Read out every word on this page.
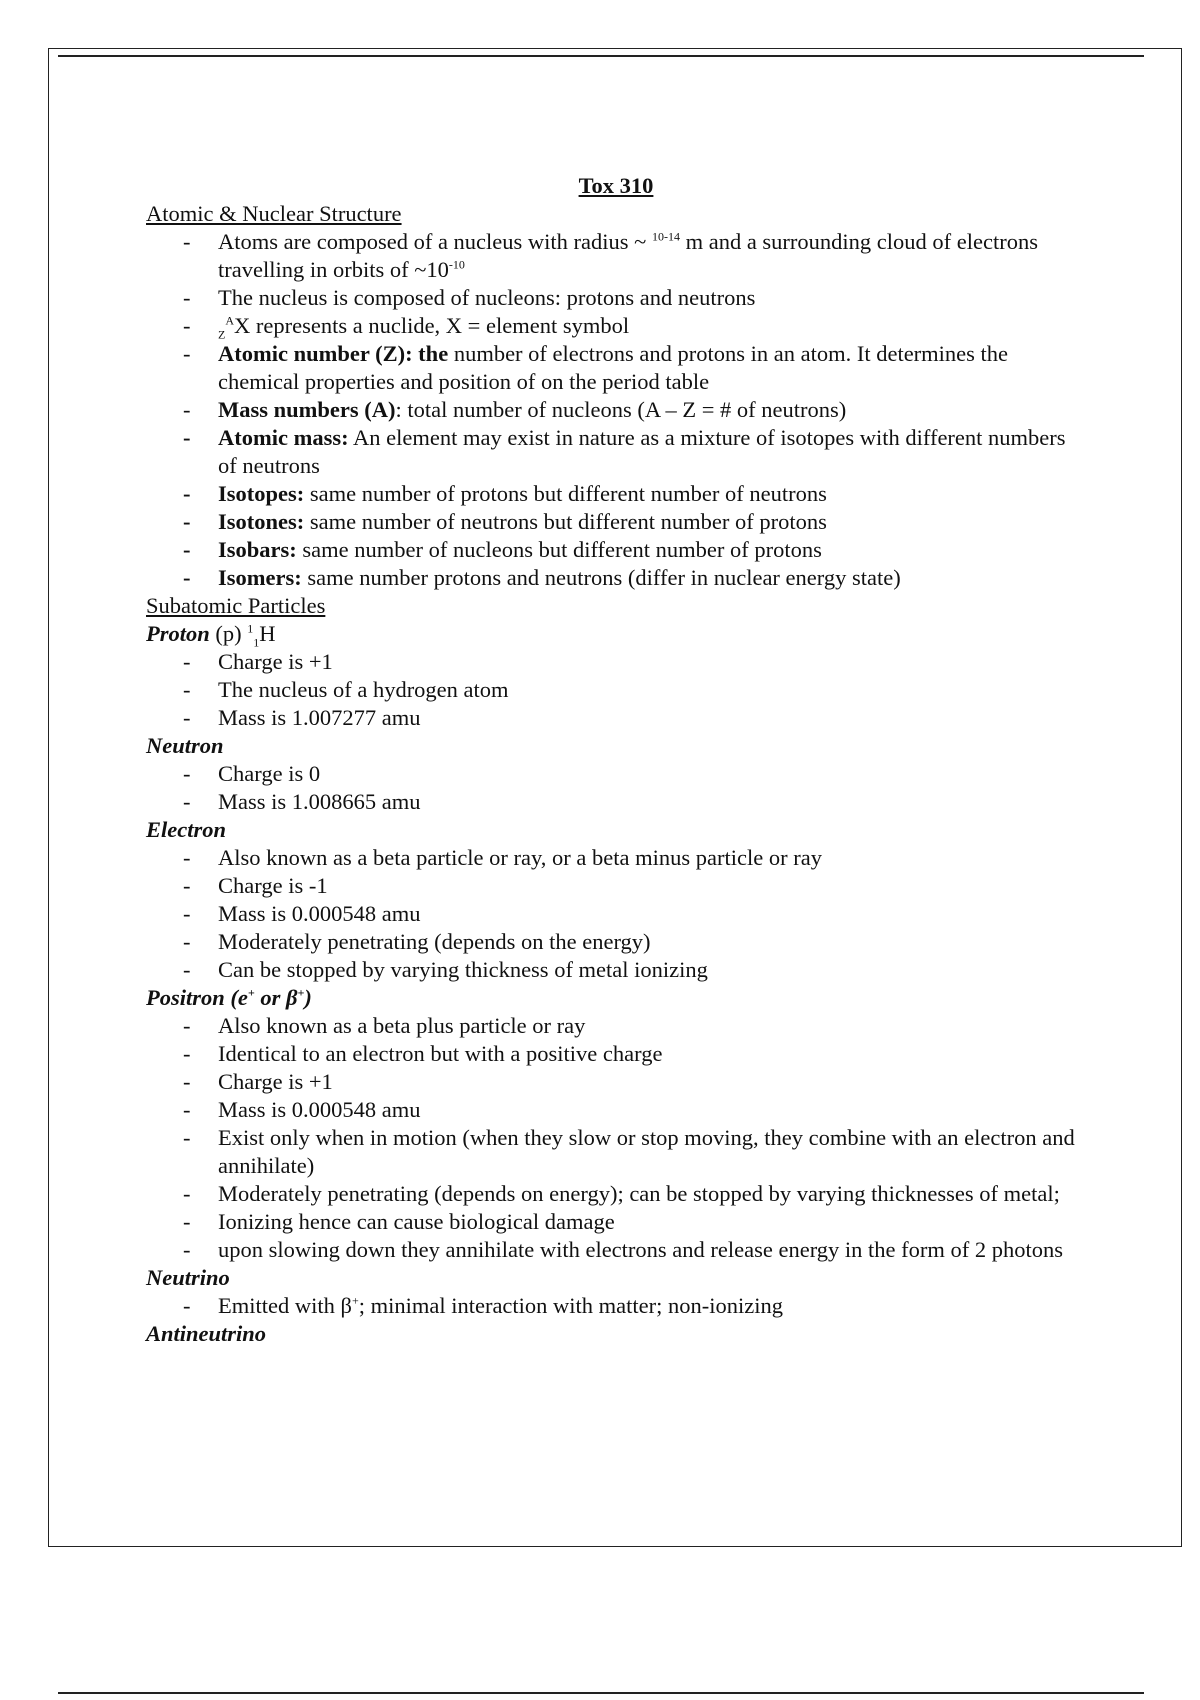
Tox 310
Atomic & Nuclear Structure
- Atoms are composed of a nucleus with radius ~ $^{10-14}$ m and a surrounding cloud of electrons travelling in orbits of $\sim 10^{-10}$
- The nucleus is composed of nucleons: protons and neutrons
- $_Z^A$X represents a nuclide, X = element symbol
- Atomic number (Z): the number of electrons and protons in an atom. It determines the chemical properties and position of on the period table
- Mass numbers (A): total number of nucleons (A – Z = # of neutrons)
- Atomic mass: An element may exist in nature as a mixture of isotopes with different numbers of neutrons
- Isotopes: same number of protons but different number of neutrons
- Isotones: same number of neutrons but different number of protons
- Isobars: same number of nucleons but different number of protons
- Isomers: same number protons and neutrons (differ in nuclear energy state)
Subatomic Particles
Proton (p) $^1_1$H
- Charge is +1
- The nucleus of a hydrogen atom
- Mass is 1.007277 amu
Neutron
- Charge is 0
- Mass is 1.008665 amu
Electron
- Also known as a beta particle or ray, or a beta minus particle or ray
- Charge is -1
- Mass is 0.000548 amu
- Moderately penetrating (depends on the energy)
- Can be stopped by varying thickness of metal ionizing
Positron (e+ or β+)
- Also known as a beta plus particle or ray
- Identical to an electron but with a positive charge
- Charge is +1
- Mass is 0.000548 amu
- Exist only when in motion (when they slow or stop moving, they combine with an electron and annihilate)
- Moderately penetrating (depends on energy); can be stopped by varying thicknesses of metal;
- Ionizing hence can cause biological damage
- upon slowing down they annihilate with electrons and release energy in the form of 2 photons
Neutrino
- Emitted with β+; minimal interaction with matter; non-ionizing
Antineutrino
